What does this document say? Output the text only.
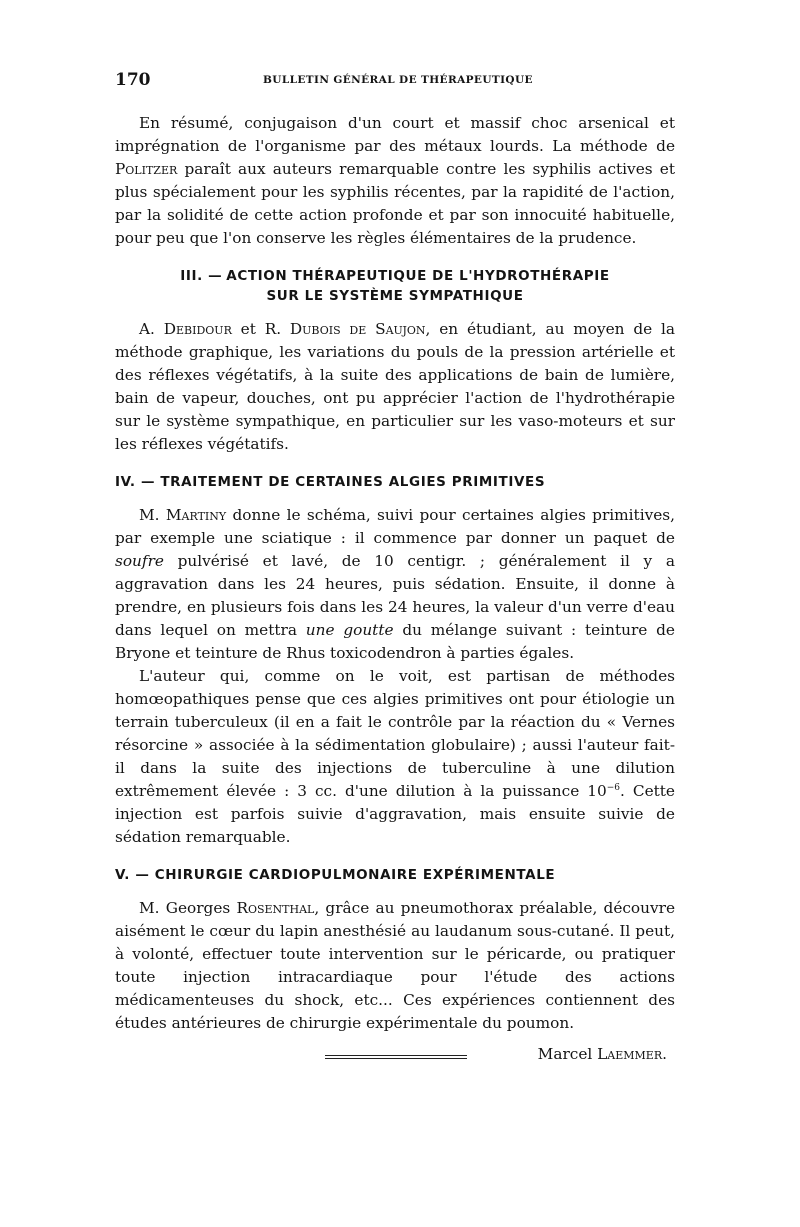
170	BULLETIN GÉNÉRAL DE THÉRAPEUTIQUE

En résumé, conjugaison d'un court et massif choc arsenical et imprégnation de l'organisme par des métaux lourds. La méthode de Politzer paraît aux auteurs remarquable contre les syphilis actives et plus spécialement pour les syphilis récentes, par la rapidité de l'action, par la solidité de cette action profonde et par son innocuité habituelle, pour peu que l'on conserve les règles élémentaires de la prudence.

III. — ACTION THÉRAPEUTIQUE DE L'HYDROTHÉRAPIE
SUR LE SYSTÈME SYMPATHIQUE

A. Debidour et R. Dubois de Saujon, en étudiant, au moyen de la méthode graphique, les variations du pouls de la pression artérielle et des réflexes végétatifs, à la suite des applications de bain de lumière, bain de vapeur, douches, ont pu apprécier l'action de l'hydrothérapie sur le système sympathique, en particulier sur les vaso-moteurs et sur les réflexes végétatifs.

IV. — TRAITEMENT DE CERTAINES ALGIES PRIMITIVES

M. Martiny donne le schéma, suivi pour certaines algies primitives, par exemple une sciatique : il commence par donner un paquet de soufre pulvérisé et lavé, de 10 centigr. ; généralement il y a aggravation dans les 24 heures, puis sédation. Ensuite, il donne à prendre, en plusieurs fois dans les 24 heures, la valeur d'un verre d'eau dans lequel on mettra une goutte du mélange suivant : teinture de Bryone et teinture de Rhus toxicodendron à parties égales.

L'auteur qui, comme on le voit, est partisan de méthodes homœopathiques pense que ces algies primitives ont pour étiologie un terrain tuberculeux (il en a fait le contrôle par la réaction du « Vernes résorcine » associée à la sédimentation globulaire) ; aussi l'auteur fait-il dans la suite des injections de tuberculine à une dilution extrêmement élevée : 3 cc. d'une dilution à la puissance $10^{-6}$. Cette injection est parfois suivie d'aggravation, mais ensuite suivie de sédation remarquable.

V. — CHIRURGIE CARDIOPULMONAIRE EXPÉRIMENTALE

M. Georges Rosenthal, grâce au pneumothorax préalable, découvre aisément le cœur du lapin anesthésié au laudanum sous-cutané. Il peut, à volonté, effectuer toute intervention sur le péricarde, ou pratiquer toute injection intracardiaque pour l'étude des actions médicamenteuses du shock, etc... Ces expériences contiennent des études antérieures de chirurgie expérimentale du poumon.

Marcel Laemmer.
